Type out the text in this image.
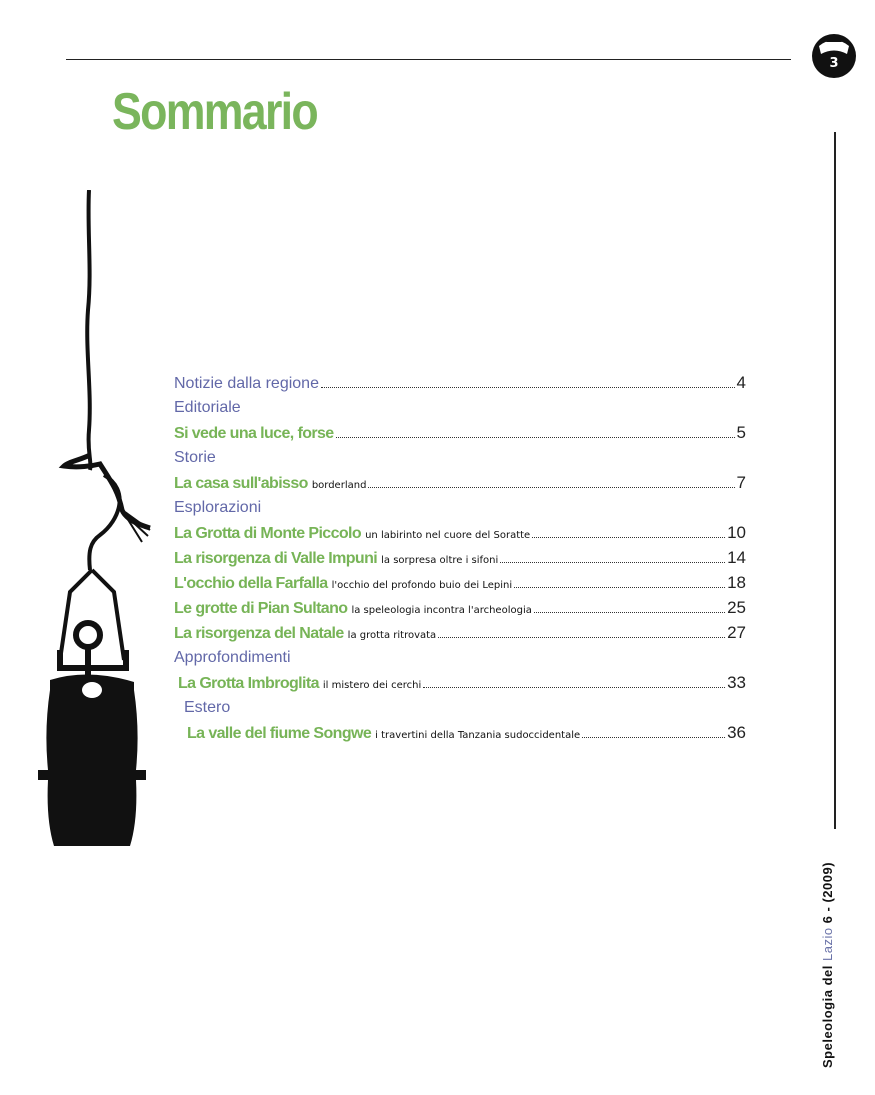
3
Sommario
Speleologia del Lazio 6 - (2009)
Notizie dalla regione	4
Editoriale
Si vede una luce, forse	5
Storie
La casa sull'abisso borderland	7
Esplorazioni
La Grotta di Monte Piccolo un labirinto nel cuore del Soratte	10
La risorgenza di Valle Impuni la sorpresa oltre i sifoni	14
L'occhio della Farfalla l'occhio del profondo buio dei Lepini	18
Le grotte di Pian Sultano la speleologia incontra l'archeologia	25
La risorgenza del Natale la grotta ritrovata	27
Approfondimenti
La Grotta Imbroglita il mistero dei cerchi	33
Estero
La valle del fiume Songwe i travertini della Tanzania sudoccidentale	36
